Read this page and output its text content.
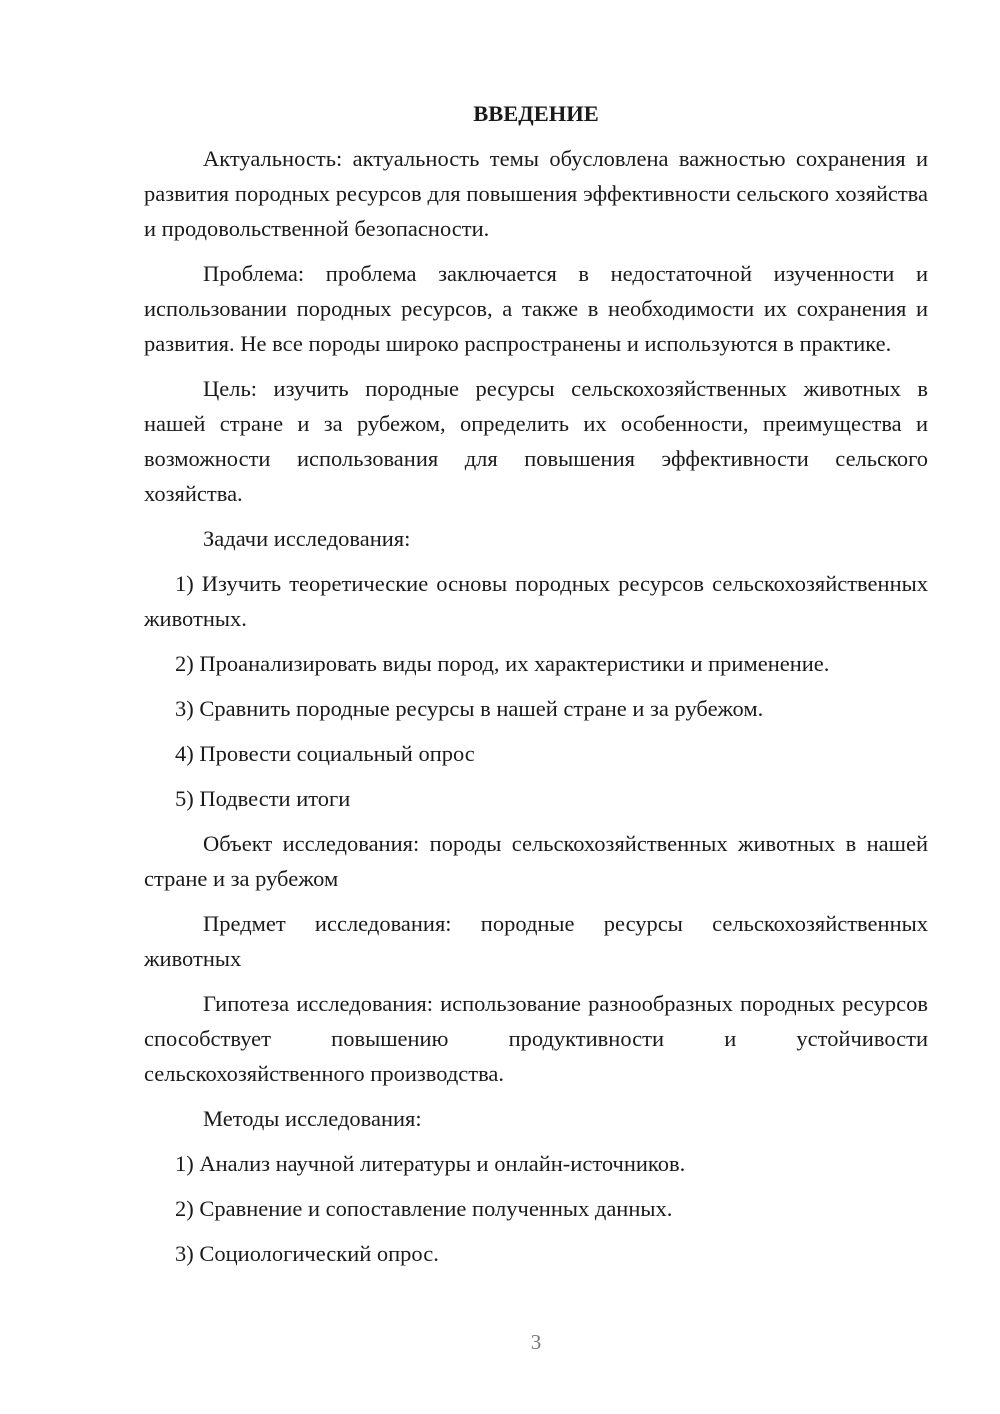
ВВЕДЕНИЕ

Актуальность: актуальность темы обусловлена важностью сохранения и развития породных ресурсов для повышения эффективности сельского хозяйства и продовольственной безопасности.

Проблема: проблема заключается в недостаточной изученности и использовании породных ресурсов, а также в необходимости их сохранения и развития. Не все породы широко распространены и используются в практике.

Цель: изучить породные ресурсы сельскохозяйственных животных в нашей стране и за рубежом, определить их особенности, преимущества и возможности использования для повышения эффективности сельского хозяйства.

Задачи исследования:

1) Изучить теоретические основы породных ресурсов сельскохозяйственных животных.

2) Проанализировать виды пород, их характеристики и применение.

3) Сравнить породные ресурсы в нашей стране и за рубежом.

4) Провести социальный опрос

5) Подвести итоги

Объект исследования: породы сельскохозяйственных животных в нашей стране и за рубежом

Предмет исследования: породные ресурсы сельскохозяйственных животных

Гипотеза исследования: использование разнообразных породных ресурсов способствует повышению продуктивности и устойчивости сельскохозяйственного производства.

Методы исследования:

1) Анализ научной литературы и онлайн-источников.

2) Сравнение и сопоставление полученных данных.

3) Социологический опрос.

3
